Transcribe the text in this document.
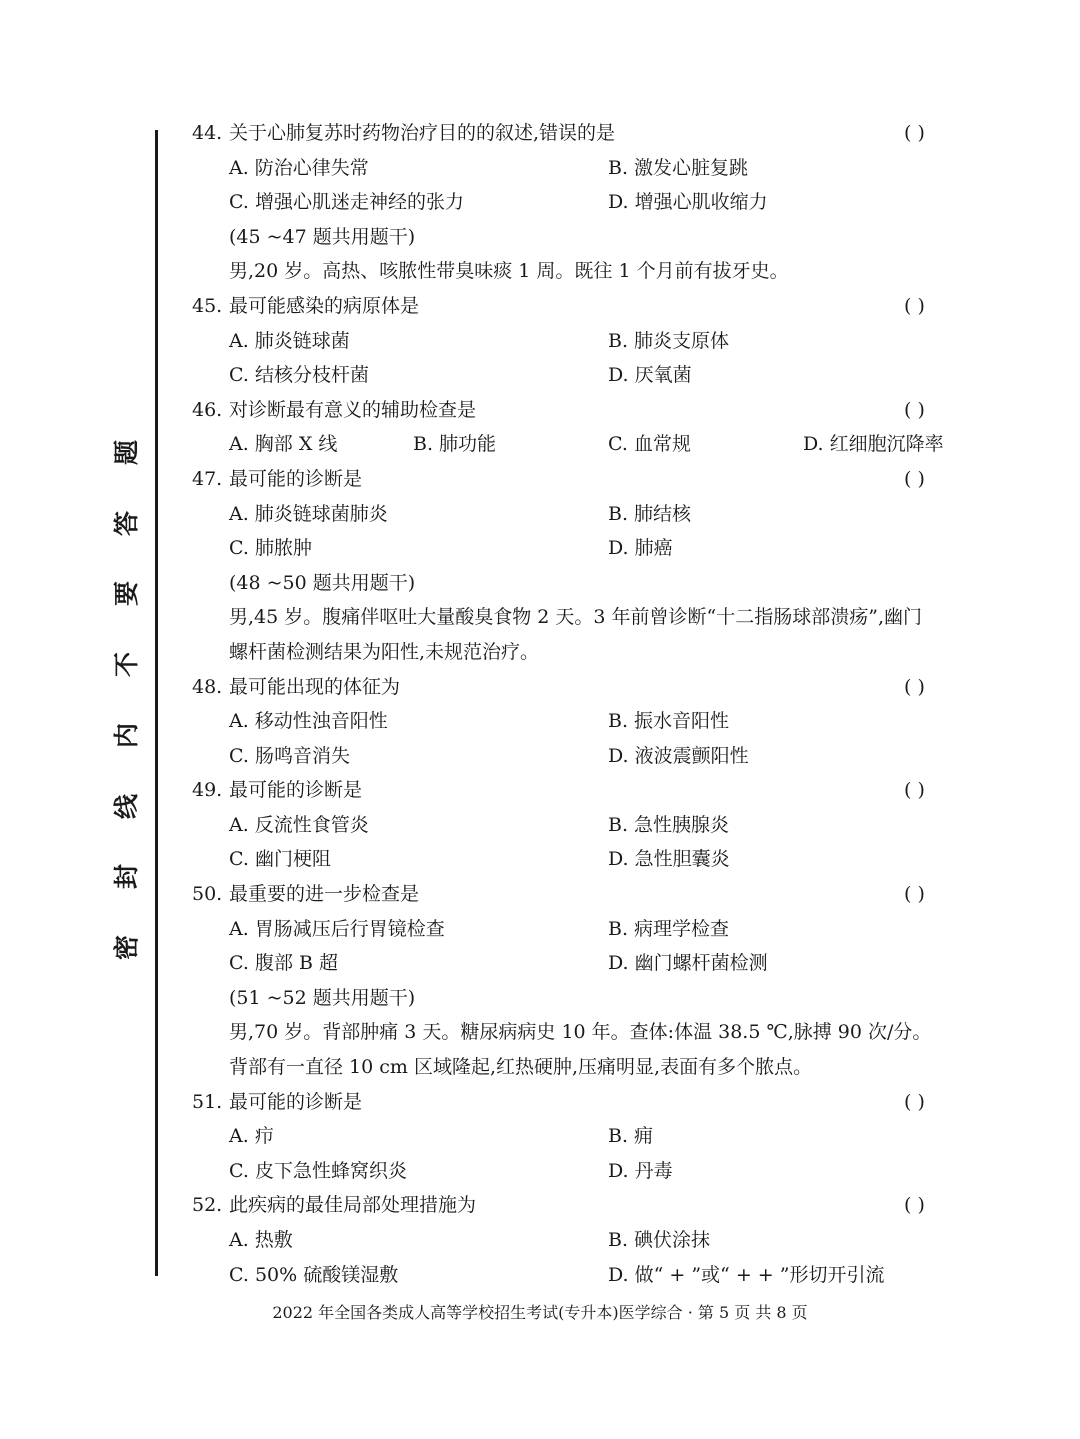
题
答
要
不
内
线
封
密
44. 关于心肺复苏时药物治疗目的的叙述,错误的是	( )
A. 防治心律失常	B. 激发心脏复跳
C. 增强心肌迷走神经的张力	D. 增强心肌收缩力
(45 ~47 题共用题干)
男,20 岁。高热、咳脓性带臭味痰 1 周。既往 1 个月前有拔牙史。
45. 最可能感染的病原体是	( )
A. 肺炎链球菌	B. 肺炎支原体
C. 结核分枝杆菌	D. 厌氧菌
46. 对诊断最有意义的辅助检查是	( )
A. 胸部 X 线	B. 肺功能	C. 血常规	D. 红细胞沉降率
47. 最可能的诊断是	( )
A. 肺炎链球菌肺炎	B. 肺结核
C. 肺脓肿	D. 肺癌
(48 ~50 题共用题干)
男,45 岁。腹痛伴呕吐大量酸臭食物 2 天。3 年前曾诊断“十二指肠球部溃疡”,幽门
螺杆菌检测结果为阳性,未规范治疗。
48. 最可能出现的体征为	( )
A. 移动性浊音阳性	B. 振水音阳性
C. 肠鸣音消失	D. 液波震颤阳性
49. 最可能的诊断是	( )
A. 反流性食管炎	B. 急性胰腺炎
C. 幽门梗阻	D. 急性胆囊炎
50. 最重要的进一步检查是	( )
A. 胃肠减压后行胃镜检查	B. 病理学检查
C. 腹部 B 超	D. 幽门螺杆菌检测
(51 ~52 题共用题干)
男,70 岁。背部肿痛 3 天。糖尿病病史 10 年。查体:体温 38.5 ℃,脉搏 90 次/分。
背部有一直径 10 cm 区域隆起,红热硬肿,压痛明显,表面有多个脓点。
51. 最可能的诊断是	( )
A. 疖	B. 痈
C. 皮下急性蜂窝织炎	D. 丹毒
52. 此疾病的最佳局部处理措施为	( )
A. 热敷	B. 碘伏涂抹
C. 50% 硫酸镁湿敷	D. 做“ + ”或“ + + ”形切开引流
2022 年全国各类成人高等学校招生考试(专升本)医学综合 · 第 5 页 共 8 页
